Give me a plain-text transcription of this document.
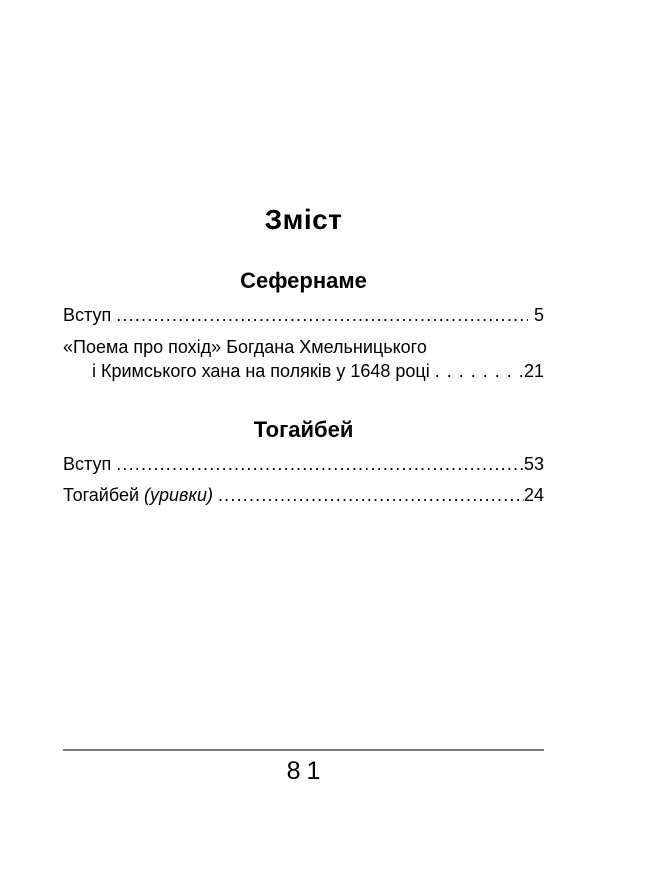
Зміст
Сефернаме
Вступ .....	5
«Поема про похід» Богдана Хмельницького
і Кримського хана на поляків у 1648 році .....	21
Тогайбей
Вступ .....	53
Тогайбей (уривки) .....	24
81
